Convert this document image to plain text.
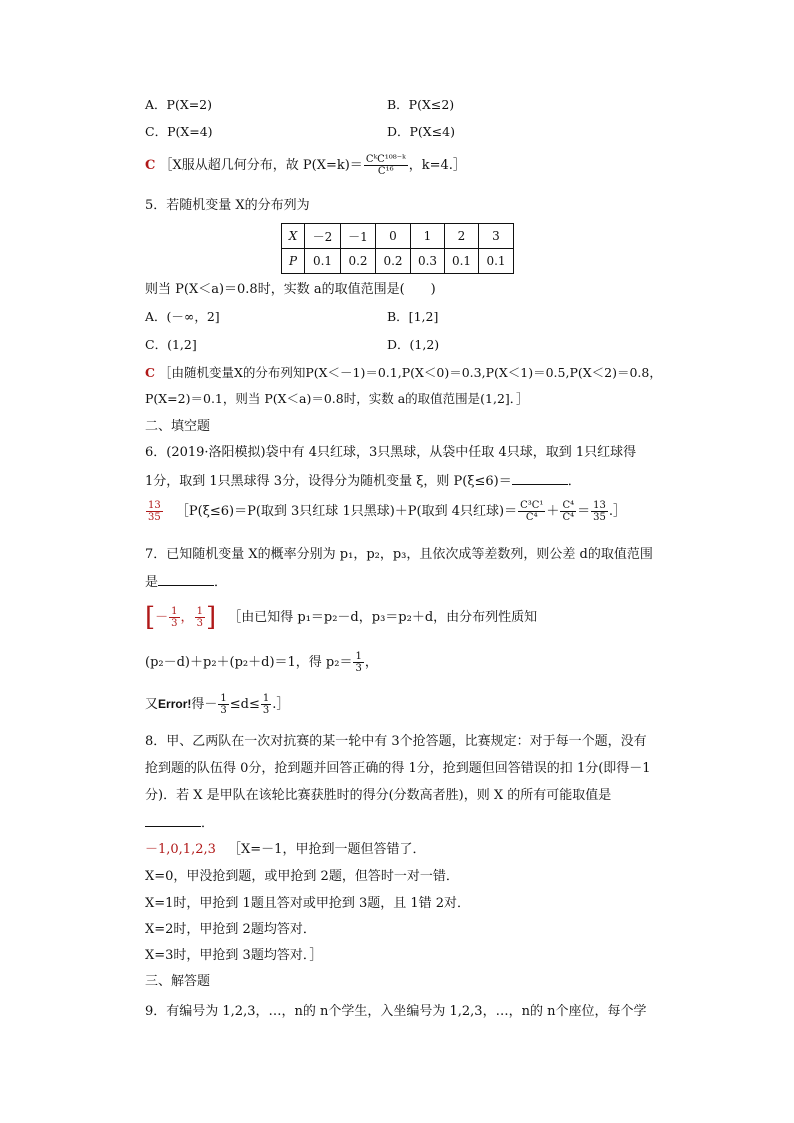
A．P(X=2)	B．P(X≤2)
C．P(X=4)	D．P(X≤4)
C ［X服从超几何分布，故 $P(X=k)= \frac{\text{CᵏC¹⁰⁸⁻ᵏ}}{\text{C¹⁶}}$ ，k=4.］
5．若随机变量 X的分布列为
X	－2	－1	0	1	2	3
P	0.1	0.2	0.2	0.3	0.1	0.1
则当 P(X＜a)＝0.8时，实数 a的取值范围是(　　)
A．(－∞，2]	B．[1,2]
C．(1,2]	D．(1,2)
C ［由随机变量X的分布列知P(X＜－1)＝0.1,P(X＜0)＝0.3,P(X＜1)＝0.5,P(X＜2)＝0.8，
P(X=2)＝0.1，则当 P(X＜a)＝0.8时，实数 a的取值范围是(1,2]．］
二、填空题
6．(2019·洛阳模拟)袋中有 4只红球，3只黑球，从袋中任取 4只球，取到 1只红球得
1分，取到 1只黑球得 3分，设得分为随机变量 ξ，则 P(ξ≤6)＝	．
$\frac{13}{35}$ ［P(ξ≤6)＝P(取到 3只红球 1只黑球)＋P(取到 4只红球)＝ $\frac{\text{C³C¹}}{\text{C⁴}} + \frac{\text{C⁴}}{\text{C⁴}} = \frac{13}{35}$ .］
7．已知随机变量 X的概率分别为 p₁，p₂，p₃，且依次成等差数列，则公差 d的取值范围
是	．
[－ $\frac{1}{3}$ ， $\frac{1}{3}$ ] ［由已知得 p₁＝p₂－d，p₃＝p₂＋d，由分布列性质知
(p₂－d)＋p₂＋(p₂＋d)＝1，得 $p_2= \frac{1}{3}$ ，
又Error!得－ $\frac{1}{3} \le d\le \frac{1}{3}$ .］
8．甲、乙两队在一次对抗赛的某一轮中有 3个抢答题，比赛规定：对于每一个题，没有
抢到题的队伍得 0分，抢到题并回答正确的得 1分，抢到题但回答错误的扣 1分(即得－1
分)．若 X 是甲队在该轮比赛获胜时的得分(分数高者胜)，则 X 的所有可能取值是
．
－1,0,1,2,3 ［X=－1，甲抢到一题但答错了．
X=0，甲没抢到题，或甲抢到 2题，但答时一对一错．
X=1时，甲抢到 1题且答对或甲抢到 3题，且 1错 2对．
X=2时，甲抢到 2题均答对．
X=3时，甲抢到 3题均答对．］
三、解答题
9．有编号为 1,2,3，…，n的 n个学生，入坐编号为 1,2,3，…，n的 n个座位，每个学
